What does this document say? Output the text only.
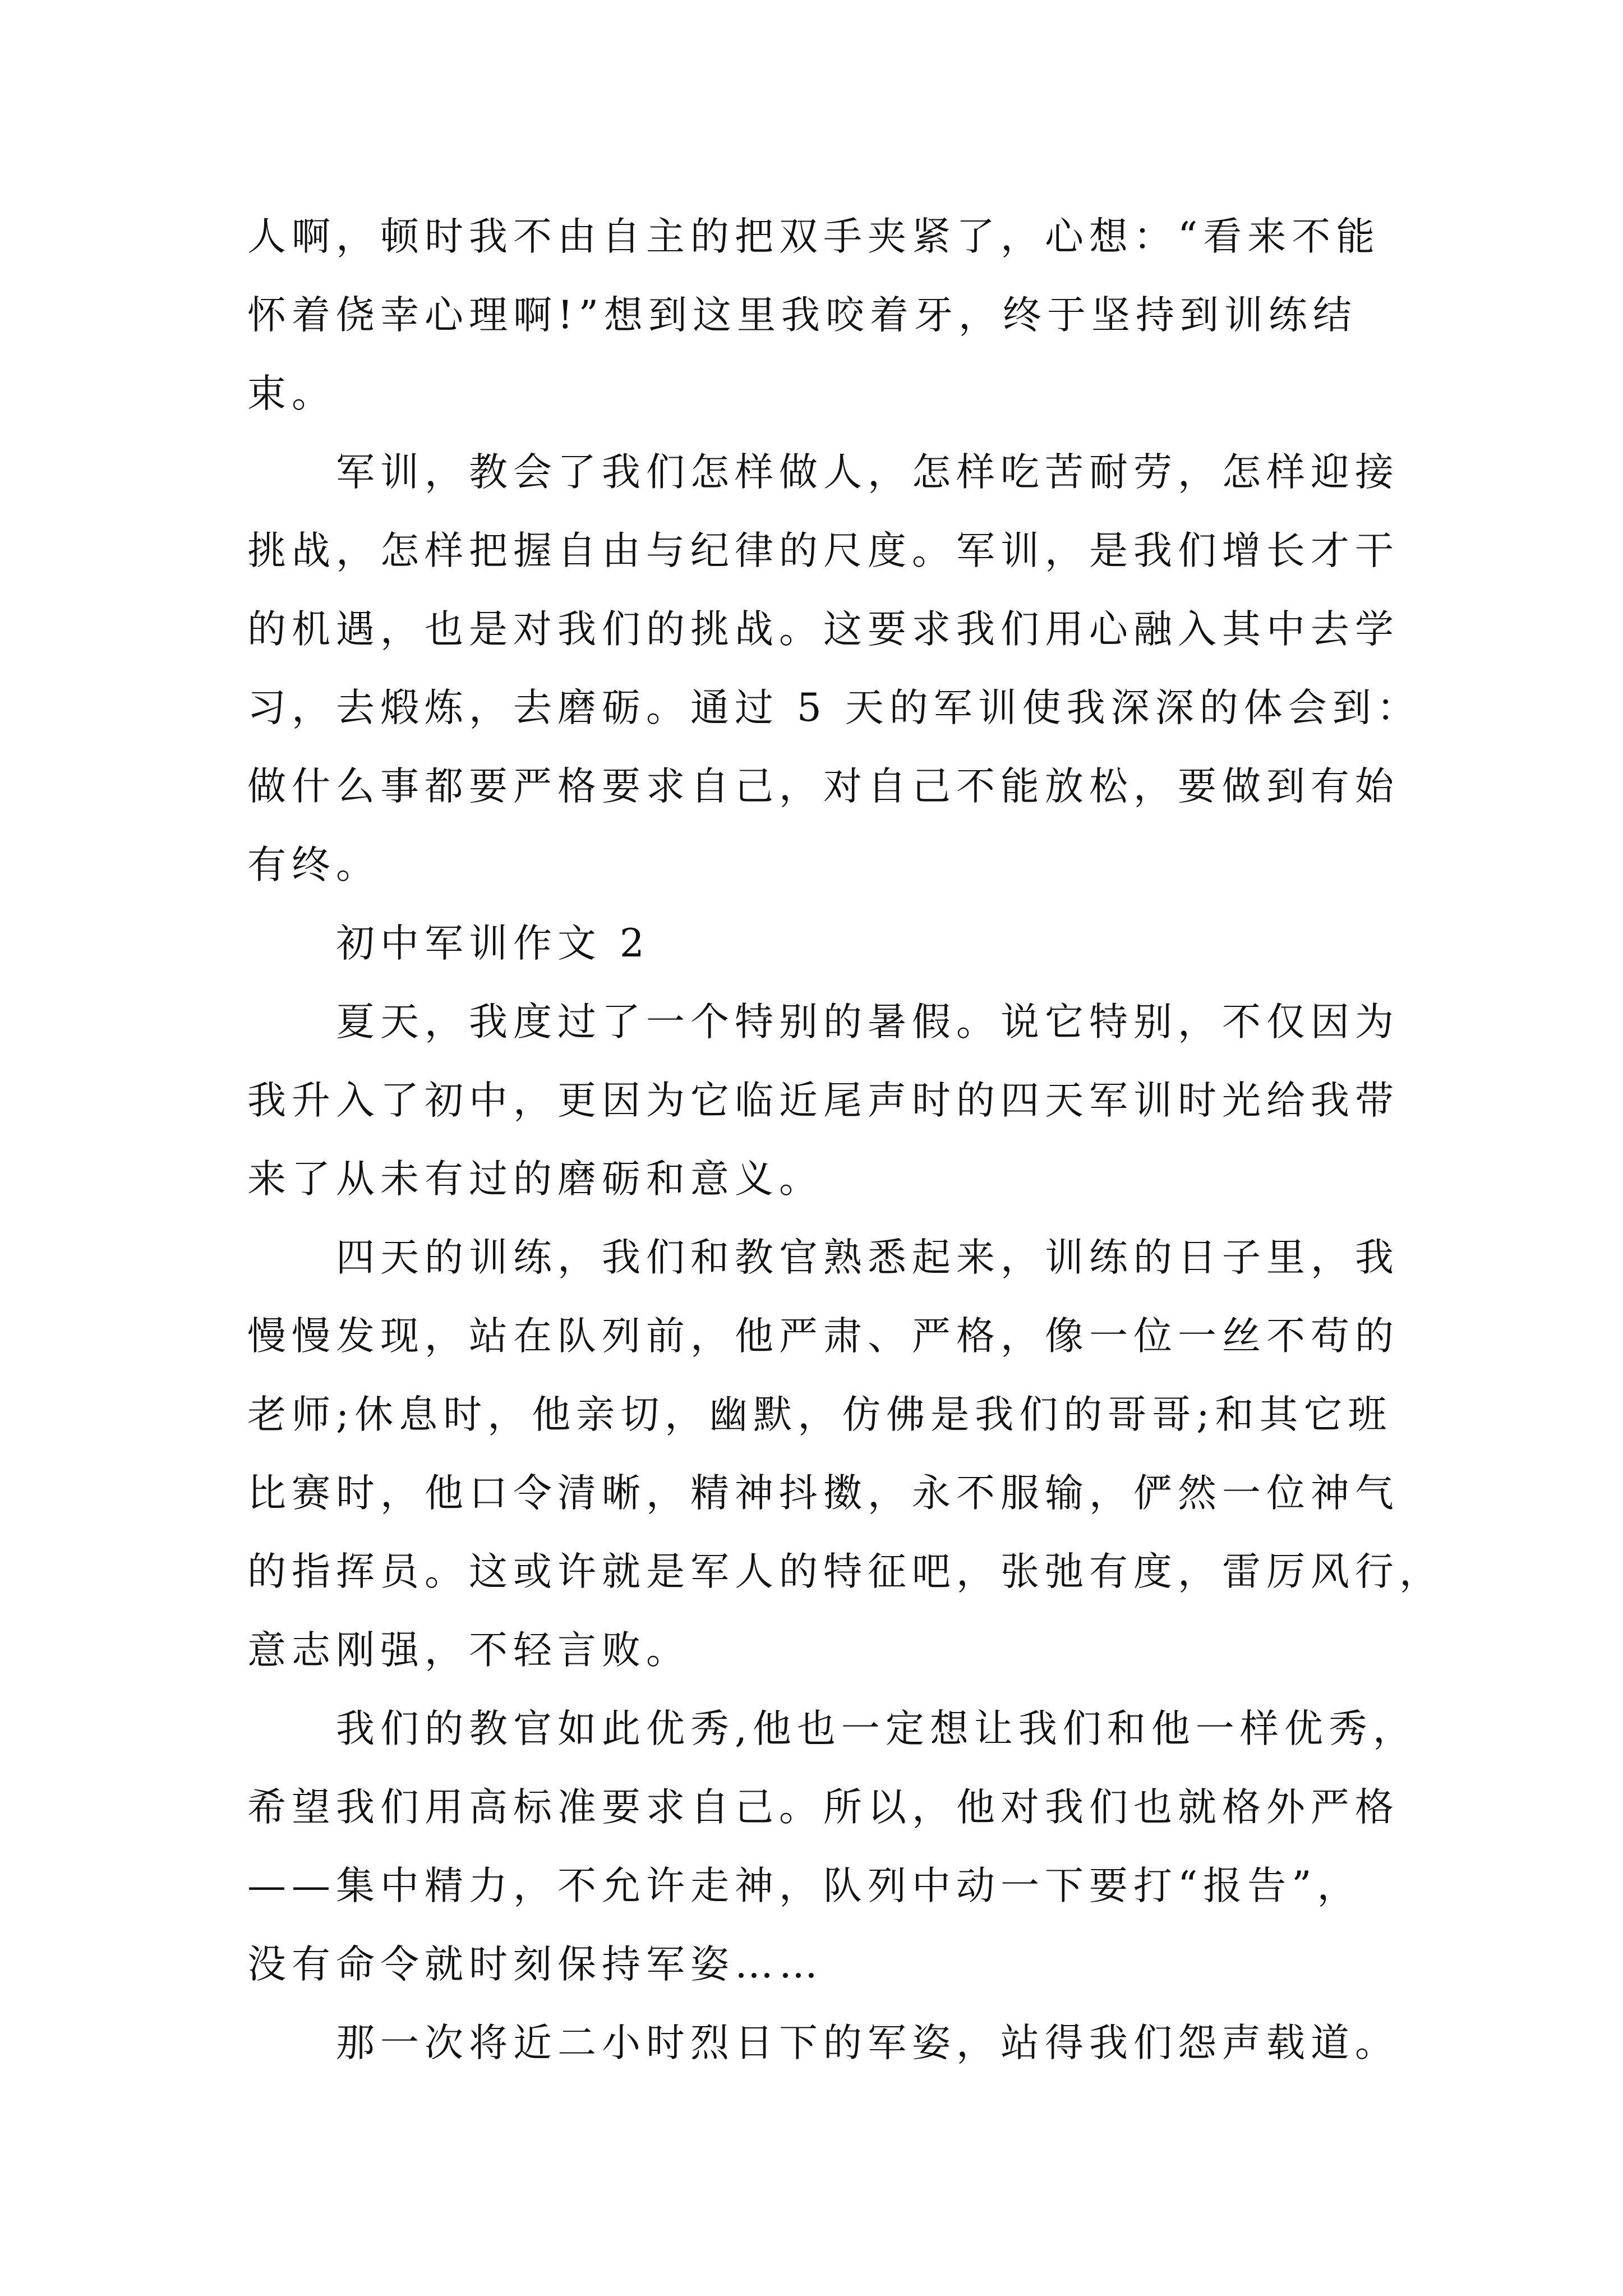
人啊，顿时我不由自主的把双手夹紧了，心想：“看来不能
怀着侥幸心理啊!”想到这里我咬着牙，终于坚持到训练结
束。
军训，教会了我们怎样做人，怎样吃苦耐劳，怎样迎接
挑战，怎样把握自由与纪律的尺度。军训，是我们增长才干
的机遇，也是对我们的挑战。这要求我们用心融入其中去学
习，去煅炼，去磨砺。通过 5 天的军训使我深深的体会到：
做什么事都要严格要求自己，对自己不能放松，要做到有始
有终。
初中军训作文 2
夏天，我度过了一个特别的暑假。说它特别，不仅因为
我升入了初中，更因为它临近尾声时的四天军训时光给我带
来了从未有过的磨砺和意义。
四天的训练，我们和教官熟悉起来，训练的日子里，我
慢慢发现，站在队列前，他严肃、严格，像一位一丝不苟的
老师;休息时，他亲切，幽默，仿佛是我们的哥哥;和其它班
比赛时，他口令清晰，精神抖擞，永不服输，俨然一位神气
的指挥员。这或许就是军人的特征吧，张弛有度，雷厉风行，
意志刚强，不轻言败。
我们的教官如此优秀,他也一定想让我们和他一样优秀，
希望我们用高标准要求自己。所以，他对我们也就格外严格
——集中精力，不允许走神，队列中动一下要打“报告”，
没有命令就时刻保持军姿……
那一次将近二小时烈日下的军姿，站得我们怨声载道。
